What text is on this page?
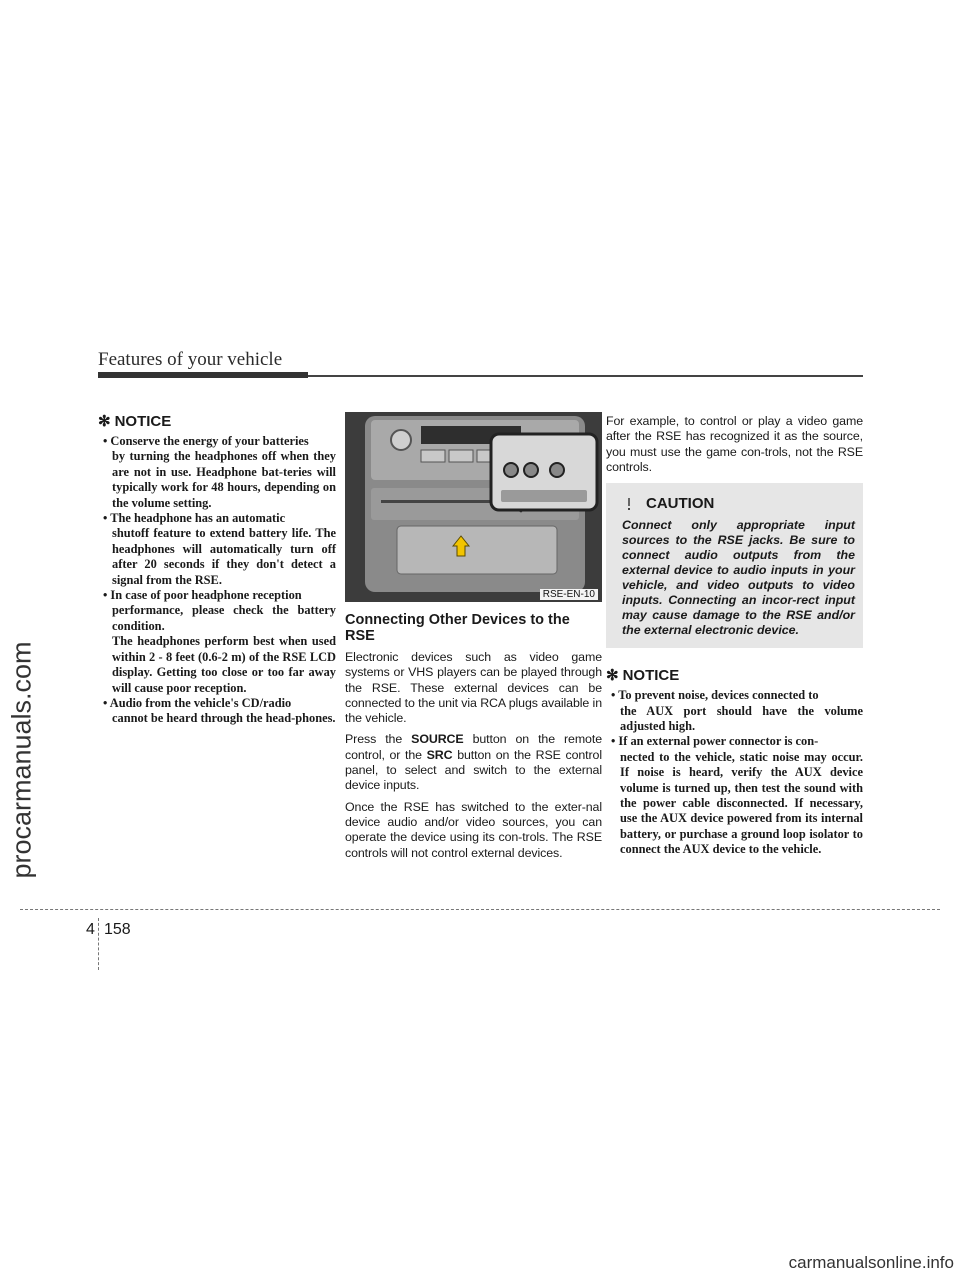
procarmanuals.com
Features of your vehicle
✻ NOTICE
• Conserve the energy of your batteries
by turning the headphones off when they are not in use. Headphone bat-teries will typically work for 48 hours, depending on the volume setting.
• The headphone has an automatic
shutoff feature to extend battery life. The headphones will automatically turn off after 20 seconds if they don't detect a signal from the RSE.
• In case of poor headphone reception
performance, please check the battery condition.
The headphones perform best when used within 2 - 8 feet (0.6-2 m) of the RSE LCD display. Getting too close or too far away will cause poor reception.
• Audio from the vehicle's CD/radio
cannot be heard through the head-phones.
RSE-EN-10
Connecting Other Devices to the RSE

Electronic devices such as video game systems or VHS players can be played through the RSE. These external devices can be connected to the unit via RCA plugs available in the vehicle.

Press the SOURCE button on the remote control, or the SRC button on the RSE control panel, to select and switch to the external device inputs.

Once the RSE has switched to the exter-nal device audio and/or video sources, you can operate the device using its con-trols. The RSE controls will not control external devices.

For example, to control or play a video game after the RSE has recognized it as the source, you must use the game con-trols, not the RSE controls.

CAUTION

Connect only appropriate input sources to the RSE jacks. Be sure to connect audio outputs from the external device to audio inputs in your vehicle, and video outputs to video inputs. Connecting an incor-rect input may cause damage to the RSE and/or the external electronic device.

✻ NOTICE
• To prevent noise, devices connected to
the AUX port should have the volume adjusted high.
• If an external power connector is con-
nected to the vehicle, static noise may occur. If noise is heard, verify the AUX device volume is turned up, then test the sound with the power cable disconnected. If necessary, use the AUX device powered from its internal battery, or purchase a ground loop isolator to connect the AUX device to the vehicle.
4 158
carmanualsonline.info
